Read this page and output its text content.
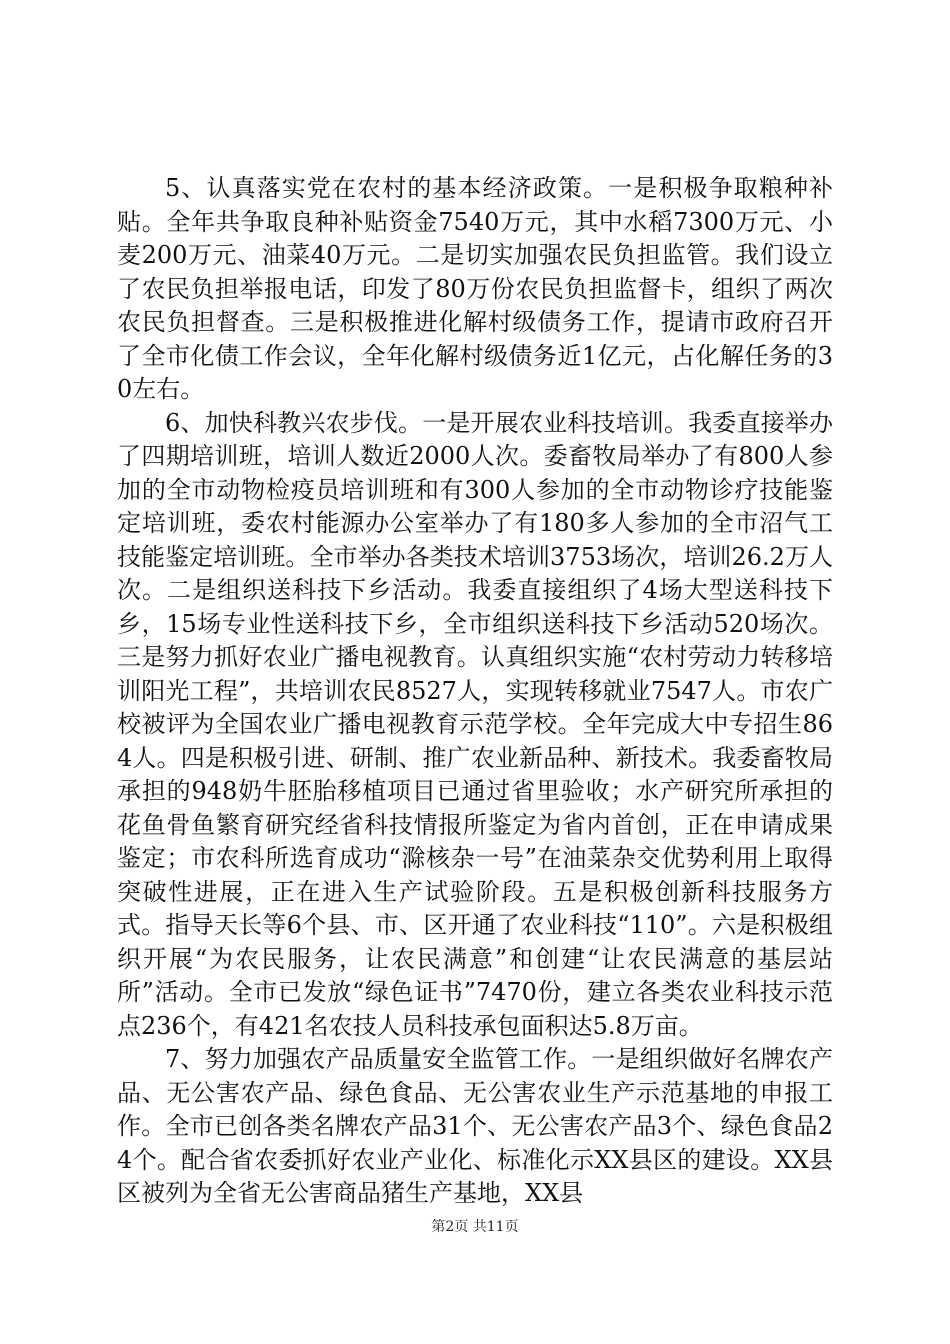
5、认真落实党在农村的基本经济政策。一是积极争取粮种补贴。全年共争取良种补贴资金7540万元，其中水稻7300万元、小麦200万元、油菜40万元。二是切实加强农民负担监管。我们设立了农民负担举报电话，印发了80万份农民负担监督卡，组织了两次农民负担督查。三是积极推进化解村级债务工作，提请市政府召开了全市化债工作会议，全年化解村级债务近1亿元，占化解任务的30左右。

6、加快科教兴农步伐。一是开展农业科技培训。我委直接举办了四期培训班，培训人数近2000人次。委畜牧局举办了有800人参加的全市动物检疫员培训班和有300人参加的全市动物诊疗技能鉴定培训班，委农村能源办公室举办了有180多人参加的全市沼气工技能鉴定培训班。全市举办各类技术培训3753场次，培训26.2万人次。二是组织送科技下乡活动。我委直接组织了4场大型送科技下乡，15场专业性送科技下乡，全市组织送科技下乡活动520场次。三是努力抓好农业广播电视教育。认真组织实施“农村劳动力转移培训阳光工程”，共培训农民8527人，实现转移就业7547人。市农广校被评为全国农业广播电视教育示范学校。全年完成大中专招生864人。四是积极引进、研制、推广农业新品种、新技术。我委畜牧局承担的948奶牛胚胎移植项目已通过省里验收；水产研究所承担的花鱼骨鱼繁育研究经省科技情报所鉴定为省内首创，正在申请成果鉴定；市农科所选育成功“滁核杂一号”在油菜杂交优势利用上取得突破性进展，正在进入生产试验阶段。五是积极创新科技服务方式。指导天长等6个县、市、区开通了农业科技“110”。六是积极组织开展“为农民服务，让农民满意”和创建“让农民满意的基层站所”活动。全市已发放“绿色证书”7470份，建立各类农业科技示范点236个，有421名农技人员科技承包面积达5.8万亩。

7、努力加强农产品质量安全监管工作。一是组织做好名牌农产品、无公害农产品、绿色食品、无公害农业生产示范基地的申报工作。全市已创各类名牌农产品31个、无公害农产品3个、绿色食品24个。配合省农委抓好农业产业化、标准化示XX县区的建设。XX县区被列为全省无公害商品猪生产基地，XX县

第2页 共11页
